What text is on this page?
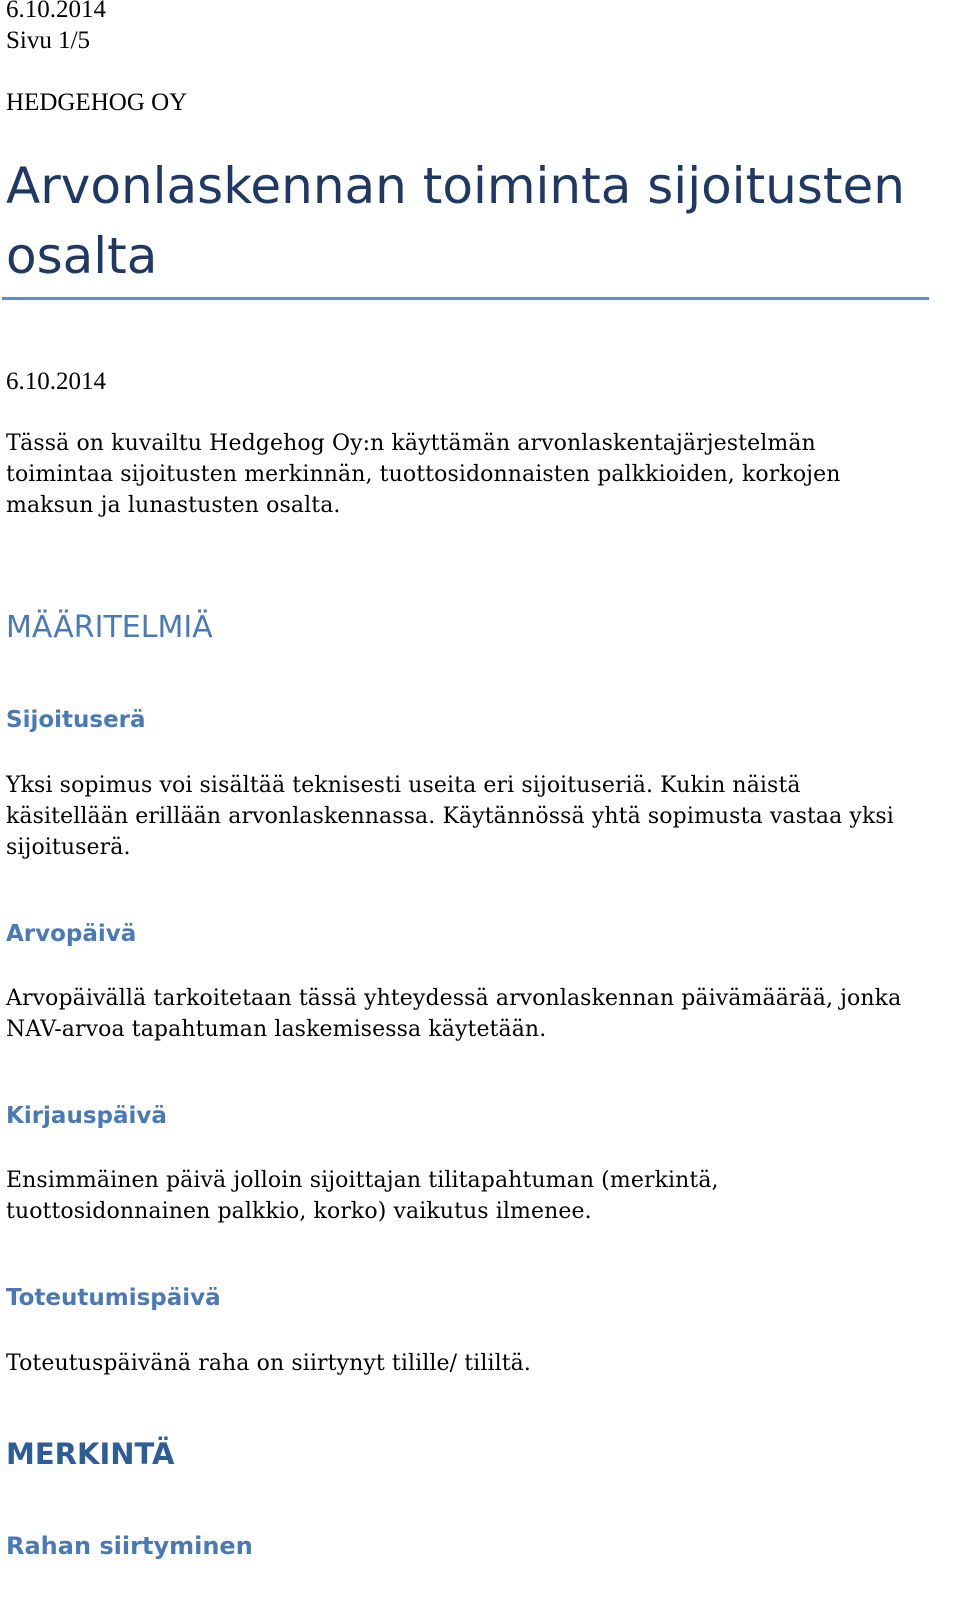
6.10.2014

Sivu 1/5

HEDGEHOG OY

Arvonlaskennan toiminta sijoitusten osalta

6.10.2014

Tässä on kuvailtu Hedgehog Oy:n käyttämän arvonlaskentajärjestelmän

toimintaa sijoitusten merkinnän, tuottosidonnaisten palkkioiden, korkojen

maksun ja lunastusten osalta.

MÄÄRITELMIÄ
Sijoituserä

Yksi sopimus voi sisältää teknisesti useita eri sijoituseriä. Kukin näistä

käsitellään erillään arvonlaskennassa. Käytännössä yhtä sopimusta vastaa yksi

sijoituserä.

Arvopäivä

Arvopäivällä tarkoitetaan tässä yhteydessä arvonlaskennan päivämäärää, jonka

NAV-arvoa tapahtuman laskemisessa käytetään.

Kirjauspäivä

Ensimmäinen päivä jolloin sijoittajan tilitapahtuman (merkintä,

tuottosidonnainen palkkio, korko) vaikutus ilmenee.

Toteutumispäivä

Toteutuspäivänä raha on siirtynyt tilille/ tililtä.

MERKINTÄ
Rahan siirtyminen
